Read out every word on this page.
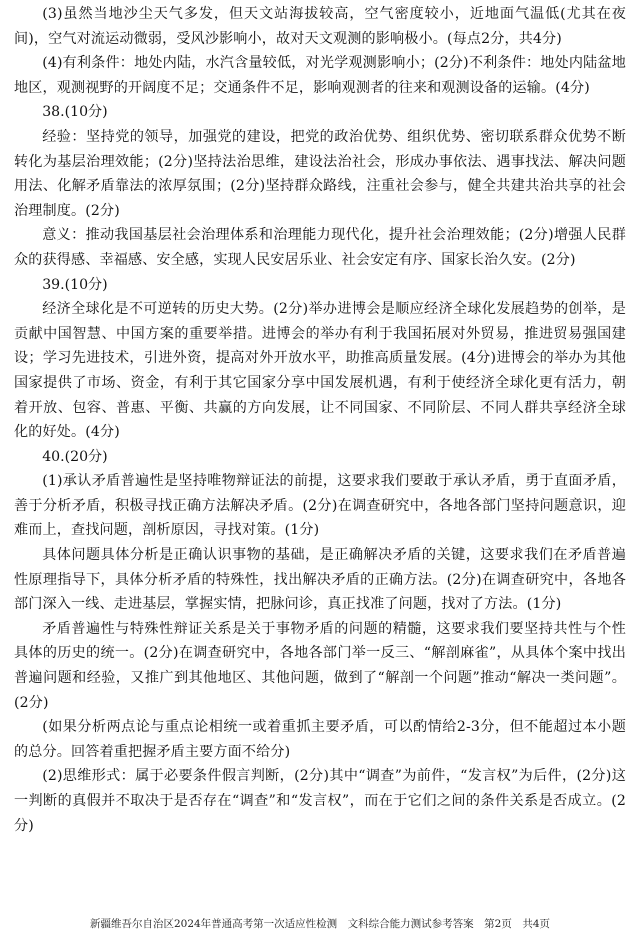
(3)虽然当地沙尘天气多发，但天文站海拔较高，空气密度较小，近地面气温低(尤其在夜间)，空气对流运动微弱，受风沙影响小，故对天文观测的影响极小。(每点2分，共4分)

(4)有利条件：地处内陆，水汽含量较低，对光学观测影响小；(2分)不利条件：地处内陆盆地地区，观测视野的开阔度不足；交通条件不足，影响观测者的往来和观测设备的运输。(4分)

38.(10分)

经验：坚持党的领导，加强党的建设，把党的政治优势、组织优势、密切联系群众优势不断转化为基层治理效能；(2分)坚持法治思维，建设法治社会，形成办事依法、遇事找法、解决问题用法、化解矛盾靠法的浓厚氛围；(2分)坚持群众路线，注重社会参与，健全共建共治共享的社会治理制度。(2分)

意义：推动我国基层社会治理体系和治理能力现代化，提升社会治理效能；(2分)增强人民群众的获得感、幸福感、安全感，实现人民安居乐业、社会安定有序、国家长治久安。(2分)

39.(10分)

经济全球化是不可逆转的历史大势。(2分)举办进博会是顺应经济全球化发展趋势的创举，是贡献中国智慧、中国方案的重要举措。进博会的举办有利于我国拓展对外贸易，推进贸易强国建设；学习先进技术，引进外资，提高对外开放水平，助推高质量发展。(4分)进博会的举办为其他国家提供了市场、资金，有利于其它国家分享中国发展机遇，有利于使经济全球化更有活力，朝着开放、包容、普惠、平衡、共赢的方向发展，让不同国家、不同阶层、不同人群共享经济全球化的好处。(4分)

40.(20分)

(1)承认矛盾普遍性是坚持唯物辩证法的前提，这要求我们要敢于承认矛盾，勇于直面矛盾，善于分析矛盾，积极寻找正确方法解决矛盾。(2分)在调查研究中，各地各部门坚持问题意识，迎难而上，查找问题，剖析原因，寻找对策。(1分)

具体问题具体分析是正确认识事物的基础，是正确解决矛盾的关键，这要求我们在矛盾普遍性原理指导下，具体分析矛盾的特殊性，找出解决矛盾的正确方法。(2分)在调查研究中，各地各部门深入一线、走进基层，掌握实情，把脉问诊，真正找准了问题，找对了方法。(1分)

矛盾普遍性与特殊性辩证关系是关于事物矛盾的问题的精髓，这要求我们要坚持共性与个性具体的历史的统一。(2分)在调查研究中，各地各部门举一反三、“解剖麻雀”，从具体个案中找出普遍问题和经验，又推广到其他地区、其他问题，做到了“解剖一个问题”推动“解决一类问题”。(2分)

(如果分析两点论与重点论相统一或着重抓主要矛盾，可以酌情给2-3分，但不能超过本小题的总分。回答着重把握矛盾主要方面不给分)

(2)思维形式：属于必要条件假言判断，(2分)其中“调查”为前件，“发言权”为后件，(2分)这一判断的真假并不取决于是否存在“调查”和“发言权”，而在于它们之间的条件关系是否成立。(2分)

新疆维吾尔自治区2024年普通高考第一次适应性检测　文科综合能力测试参考答案　第2页　共4页
